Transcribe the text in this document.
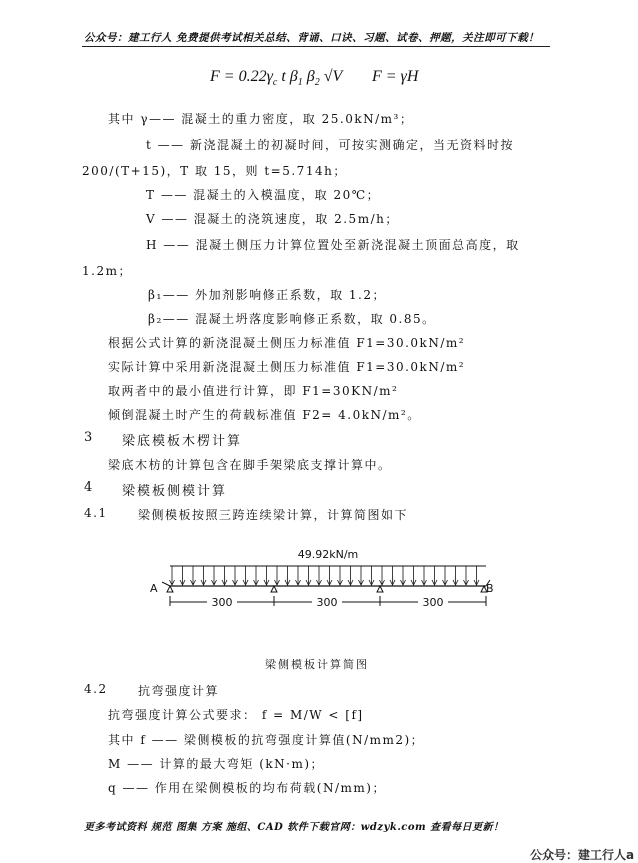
公众号：建工行人 免费提供考试相关总结、背诵、口诀、习题、试卷、押题，关注即可下载！
$F = 0.22\gamma_c$ t $\beta_1$ $\beta_2$ √V F = γH
其中 γ—— 混凝土的重力密度，取 25.0kN/m³；
t —— 新浇混凝土的初凝时间，可按实测确定，当无资料时按
200/(T+15)，T 取 15，则 t=5.714h；
T —— 混凝土的入模温度，取 20℃；
V —— 混凝土的浇筑速度，取 2.5m/h；
H —— 混凝土侧压力计算位置处至新浇混凝土顶面总高度，取
1.2m；
β₁—— 外加剂影响修正系数，取 1.2；
β₂—— 混凝土坍落度影响修正系数，取 0.85。
根据公式计算的新浇混凝土侧压力标准值 F1=30.0kN/m²
实际计算中采用新浇混凝土侧压力标准值 F1=30.0kN/m²
取两者中的最小值进行计算，即 F1=30KN/m²
倾倒混凝土时产生的荷载标准值 F2= 4.0kN/m²。
3 梁底模板木楞计算
梁底木枋的计算包含在脚手架梁底支撑计算中。
4 梁模板侧模计算
4.1	梁侧模板按照三跨连续梁计算，计算简图如下
49.92kN/m
A	B
300	300	300
梁侧模板计算简图
4.2	抗弯强度计算
抗弯强度计算公式要求： f = M/W < [f]
其中 f —— 梁侧模板的抗弯强度计算值(N/mm2)；
M —— 计算的最大弯矩 (kN·m)；
q —— 作用在梁侧模板的均布荷载(N/mm)；
更多考试资料 规范 图集 方案 施组、CAD 软件下载官网：wdzyk.com 查看每日更新！
公众号：建工行人a
